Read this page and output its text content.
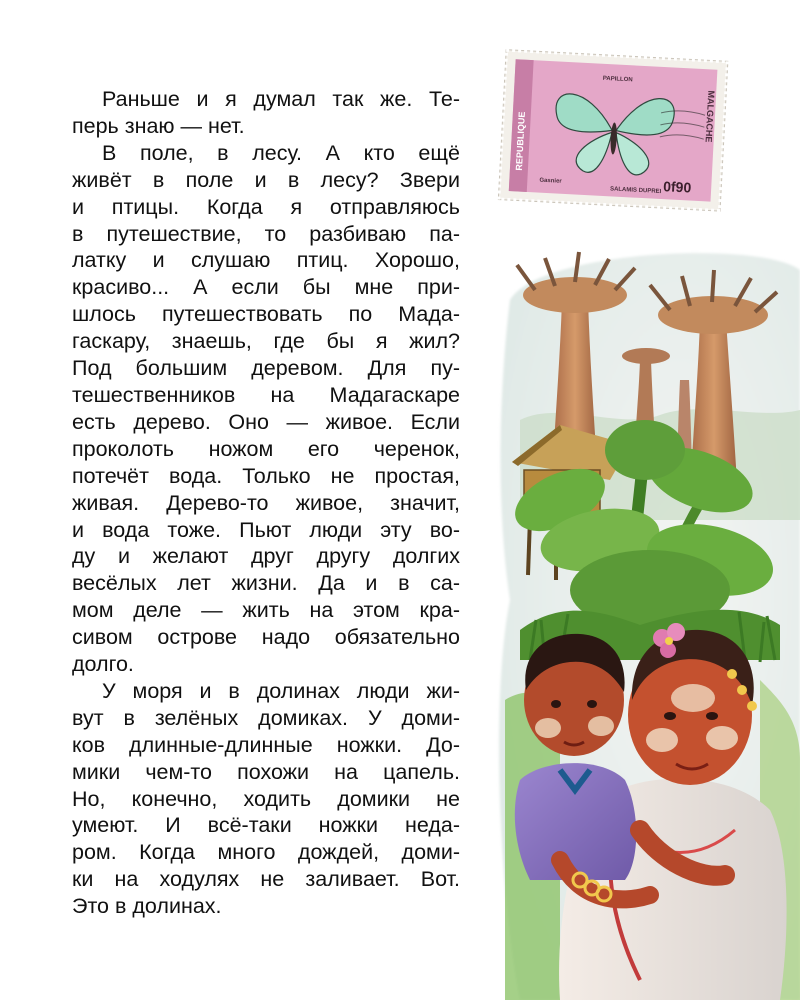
REPUBLIQUE	MALGACHE
PAPILLON
SALAMIS DUPREI
Gasnier	0f90

Раньше и я думал так же. Те-
перь знаю — нет.

В поле, в лесу. А кто ещё
живёт в поле и в лесу? Звери
и птицы. Когда я отправляюсь
в путешествие, то разбиваю па-
латку и слушаю птиц. Хорошо,
красиво... А если бы мне при-
шлось путешествовать по Мада-
гаскару, знаешь, где бы я жил?
Под большим деревом. Для пу-
тешественников на Мадагаскаре
есть дерево. Оно — живое. Если
проколоть ножом его черенок,
потечёт вода. Только не простая,
живая. Дерево-то живое, значит,
и вода тоже. Пьют люди эту во-
ду и желают друг другу долгих
весёлых лет жизни. Да и в са-
мом деле — жить на этом кра-
сивом острове надо обязательно
долго.

У моря и в долинах люди жи-
вут в зелёных домиках. У доми-
ков длинные-длинные ножки. До-
мики чем-то похожи на цапель.
Но, конечно, ходить домики не
умеют. И всё-таки ножки неда-
ром. Когда много дождей, доми-
ки на ходулях не заливает. Вот.
Это в долинах.
